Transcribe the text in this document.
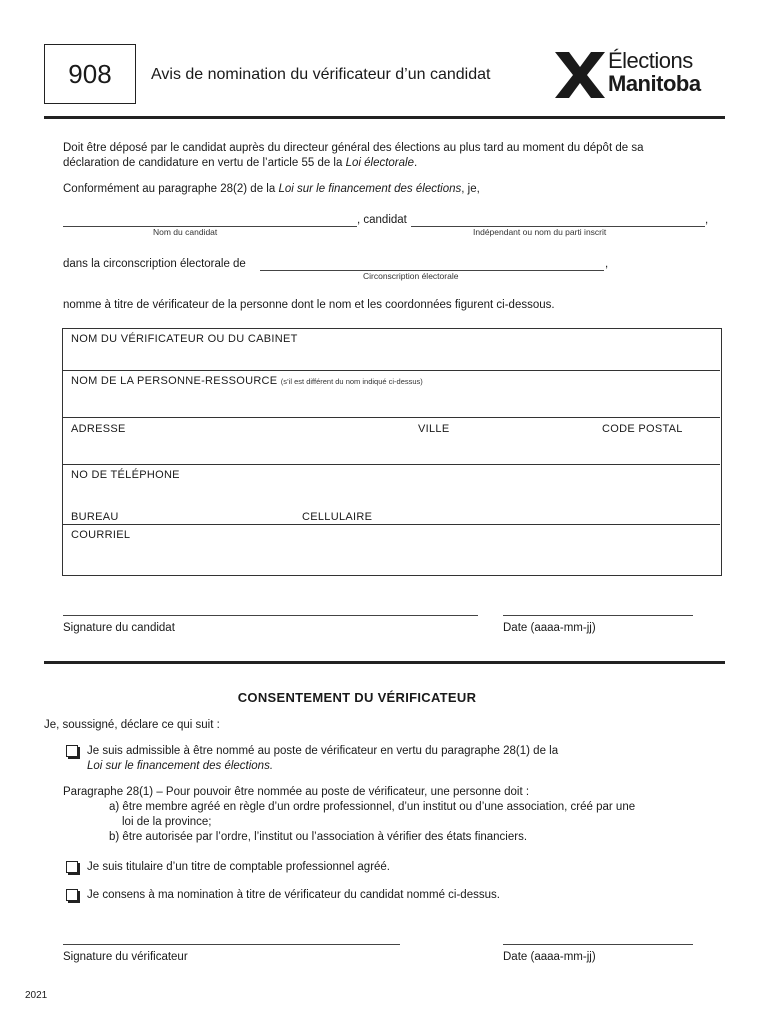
908	Avis de nomination du vérificateur d’un candidat
Élections
Manitoba
Doit être déposé par le candidat auprès du directeur général des élections au plus tard au moment du dépôt de sa
déclaration de candidature en vertu de l’article 55 de la Loi électorale.
Conformément au paragraphe 28(2) de la Loi sur le financement des élections, je,
, candidat	,
Nom du candidat	Indépendant ou nom du parti inscrit
dans la circonscription électorale de	,
Circonscription électorale
nomme à titre de vérificateur de la personne dont le nom et les coordonnées figurent ci-dessous.
NOM DU VÉRIFICATEUR OU DU CABINET
NOM DE LA PERSONNE-RESSOURCE (s’il est différent du nom indiqué ci-dessus)
ADRESSE	VILLE	CODE POSTAL
NO DE TÉLÉPHONE
BUREAU	CELLULAIRE
COURRIEL
Signature du candidat	Date (aaaa-mm-jj)
CONSENTEMENT DU VÉRIFICATEUR
Je, soussigné, déclare ce qui suit :
Je suis admissible à être nommé au poste de vérificateur en vertu du paragraphe 28(1) de la
Loi sur le financement des élections.
Paragraphe 28(1) – Pour pouvoir être nommée au poste de vérificateur, une personne doit :
a) être membre agréé en règle d’un ordre professionnel, d’un institut ou d’une association, créé par une
loi de la province;
b) être autorisée par l’ordre, l’institut ou l’association à vérifier des états financiers.
Je suis titulaire d’un titre de comptable professionnel agréé.
Je consens à ma nomination à titre de vérificateur du candidat nommé ci-dessus.
Signature du vérificateur	Date (aaaa-mm-jj)
2021
